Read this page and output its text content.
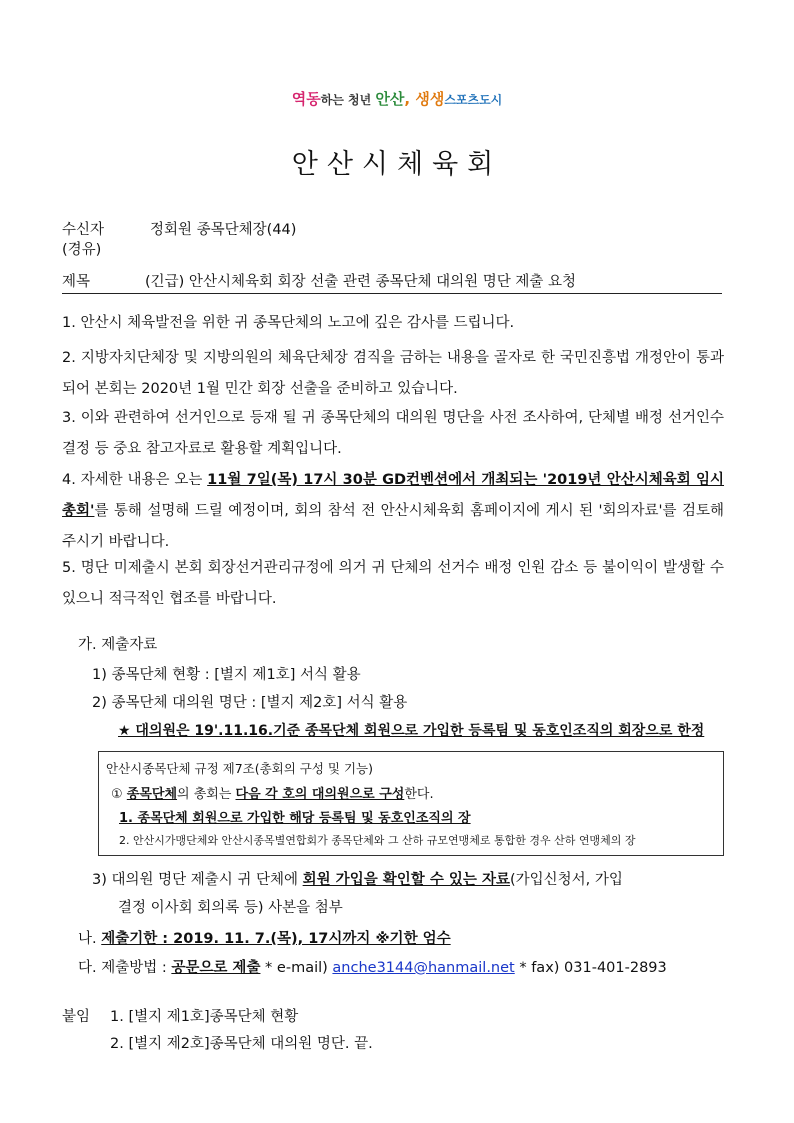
역동하는 청년 안산, 생생스포츠도시
안산시체육회
수신자	정회원 종목단체장(44)
(경유)
제목	(긴급) 안산시체육회 회장 선출 관련 종목단체 대의원 명단 제출 요청
1. 안산시 체육발전을 위한 귀 종목단체의 노고에 깊은 감사를 드립니다.
2. 지방자치단체장 및 지방의원의 체육단체장 겸직을 금하는 내용을 골자로 한 국민진흥법 개정안이 통과되어 본회는 2020년 1월 민간 회장 선출을 준비하고 있습니다.
3. 이와 관련하여 선거인으로 등재 될 귀 종목단체의 대의원 명단을 사전 조사하여, 단체별 배정 선거인수 결정 등 중요 참고자료로 활용할 계획입니다.
4. 자세한 내용은 오는 11월 7일(목) 17시 30분 GD컨벤션에서 개최되는 '2019년 안산시체육회 임시총회'를 통해 설명해 드릴 예정이며, 회의 참석 전 안산시체육회 홈페이지에 게시 된 '회의자료'를 검토해 주시기 바랍니다.
5. 명단 미제출시 본회 회장선거관리규정에 의거 귀 단체의 선거수 배정 인원 감소 등 불이익이 발생할 수 있으니 적극적인 협조를 바랍니다.
가. 제출자료
1) 종목단체 현황 : [별지 제1호] 서식 활용
2) 종목단체 대의원 명단 : [별지 제2호] 서식 활용
★ 대의원은 19'.11.16.기준 종목단체 회원으로 가입한 등록팀 및 동호인조직의 회장으로 한정
안산시종목단체 규정 제7조(총회의 구성 및 기능)
① 종목단체의 총회는 다음 각 호의 대의원으로 구성한다.
1. 종목단체 회원으로 가입한 해당 등록팀 및 동호인조직의 장
2. 안산시가맹단체와 안산시종목별연합회가 종목단체와 그 산하 규모연맹체로 통합한 경우 산하 연맹체의 장
3) 대의원 명단 제출시 귀 단체에 회원 가입을 확인할 수 있는 자료(가입신청서, 가입
결정 이사회 회의록 등) 사본을 첨부
나. 제출기한 : 2019. 11. 7.(목), 17시까지 ※기한 엄수
다. 제출방법 : 공문으로 제출 * e-mail) anche3144@hanmail.net * fax) 031-401-2893
붙임 1. [별지 제1호]종목단체 현황
2. [별지 제2호]종목단체 대의원 명단. 끝.
